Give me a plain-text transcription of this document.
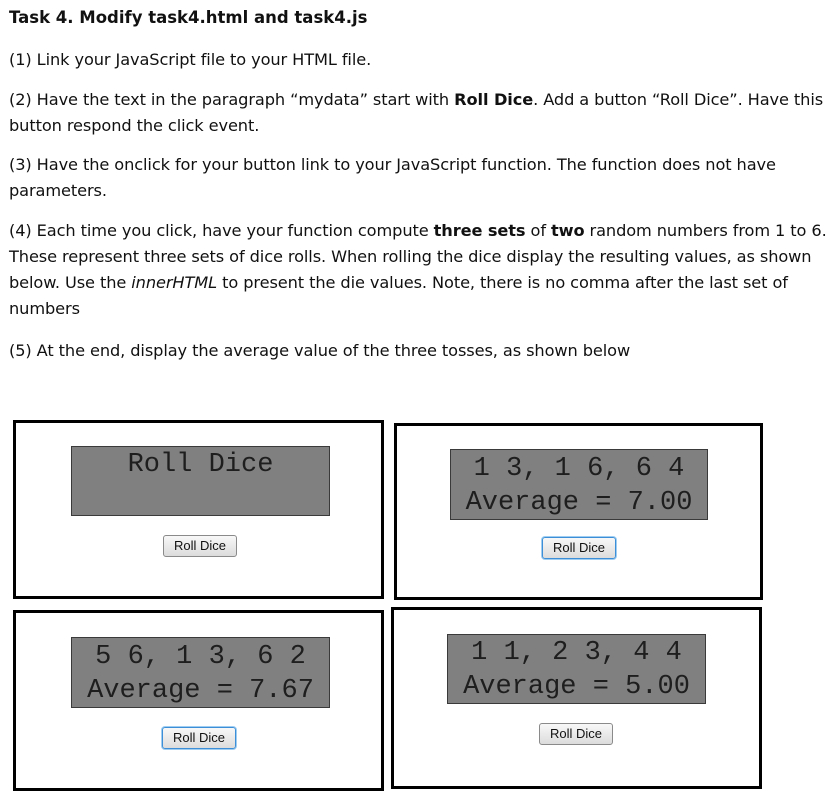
Task 4. Modify task4.html and task4.js
(1) Link your JavaScript file to your HTML file.
(2) Have the text in the paragraph “mydata” start with Roll Dice. Add a button “Roll Dice”. Have this
button respond the click event.
(3) Have the onclick for your button link to your JavaScript function. The function does not have
parameters.
(4) Each time you click, have your function compute three sets of two random numbers from 1 to 6.
These represent three sets of dice rolls. When rolling the dice display the resulting values, as shown
below. Use the innerHTML to present the die values. Note, there is no comma after the last set of
numbers
(5) At the end, display the average value of the three tosses, as shown below
Roll Dice
Roll Dice
1 3, 1 6, 6 4
Average = 7.00
Roll Dice
5 6, 1 3, 6 2
Average = 7.67
Roll Dice
1 1, 2 3, 4 4
Average = 5.00
Roll Dice
